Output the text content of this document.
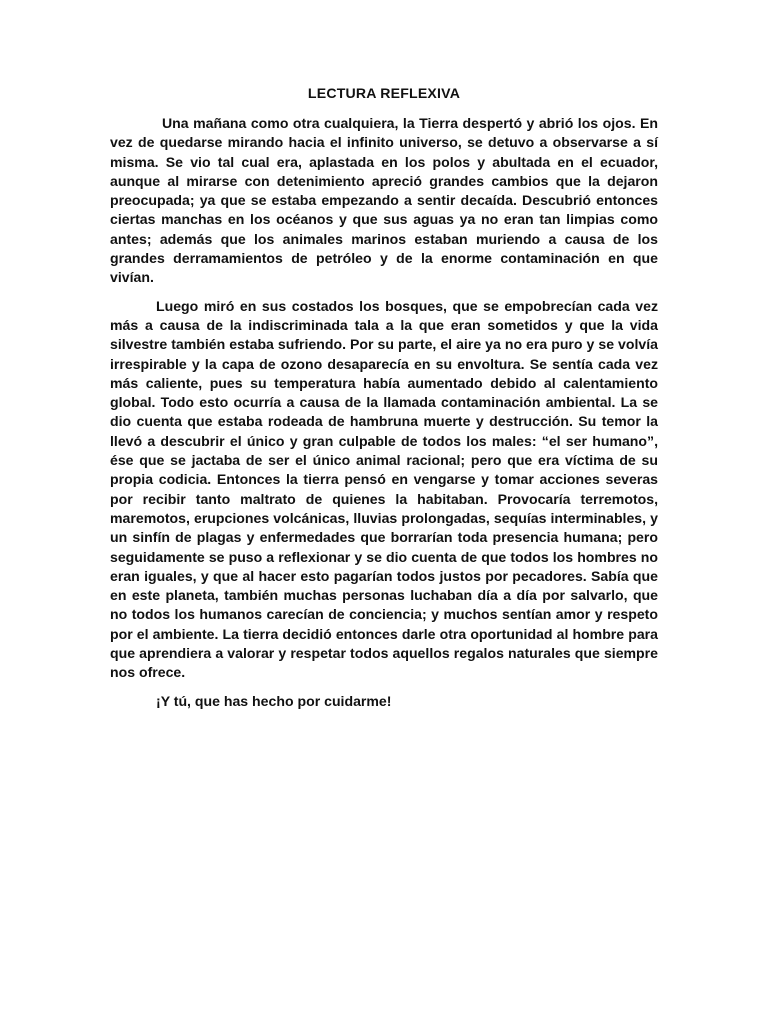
LECTURA REFLEXIVA

Una mañana como otra cualquiera, la Tierra despertó y abrió los ojos. En vez de quedarse mirando hacia el infinito universo, se detuvo a observarse a sí misma. Se vio tal cual era, aplastada en los polos y abultada en el ecuador, aunque al mirarse con detenimiento apreció grandes cambios que la dejaron preocupada; ya que se estaba empezando a sentir decaída. Descubrió entonces ciertas manchas en los océanos y que sus aguas ya no eran tan limpias como antes; además que los animales marinos estaban muriendo a causa de los grandes derramamientos de petróleo y de la enorme contaminación en que vivían.

Luego miró en sus costados los bosques, que se empobrecían cada vez más a causa de la indiscriminada tala a la que eran sometidos y que la vida silvestre también estaba sufriendo. Por su parte, el aire ya no era puro y se volvía irrespirable y la capa de ozono desaparecía en su envoltura. Se sentía cada vez más caliente, pues su temperatura había aumentado debido al calentamiento global. Todo esto ocurría a causa de la llamada contaminación ambiental. La se dio cuenta que estaba rodeada de hambruna muerte y destrucción. Su temor la llevó a descubrir el único y gran culpable de todos los males: “el ser humano”, ése que se jactaba de ser el único animal racional; pero que era víctima de su propia codicia. Entonces la tierra pensó en vengarse y tomar acciones severas por recibir tanto maltrato de quienes la habitaban. Provocaría terremotos, maremotos, erupciones volcánicas, lluvias prolongadas, sequías interminables, y un sinfín de plagas y enfermedades que borrarían toda presencia humana; pero seguidamente se puso a reflexionar y se dio cuenta de que todos los hombres no eran iguales, y que al hacer esto pagarían todos justos por pecadores. Sabía que en este planeta, también muchas personas luchaban día a día por salvarlo, que no todos los humanos carecían de conciencia; y muchos sentían amor y respeto por el ambiente. La tierra decidió entonces darle otra oportunidad al hombre para que aprendiera a valorar y respetar todos aquellos regalos naturales que siempre nos ofrece.

¡Y tú, que has hecho por cuidarme!
